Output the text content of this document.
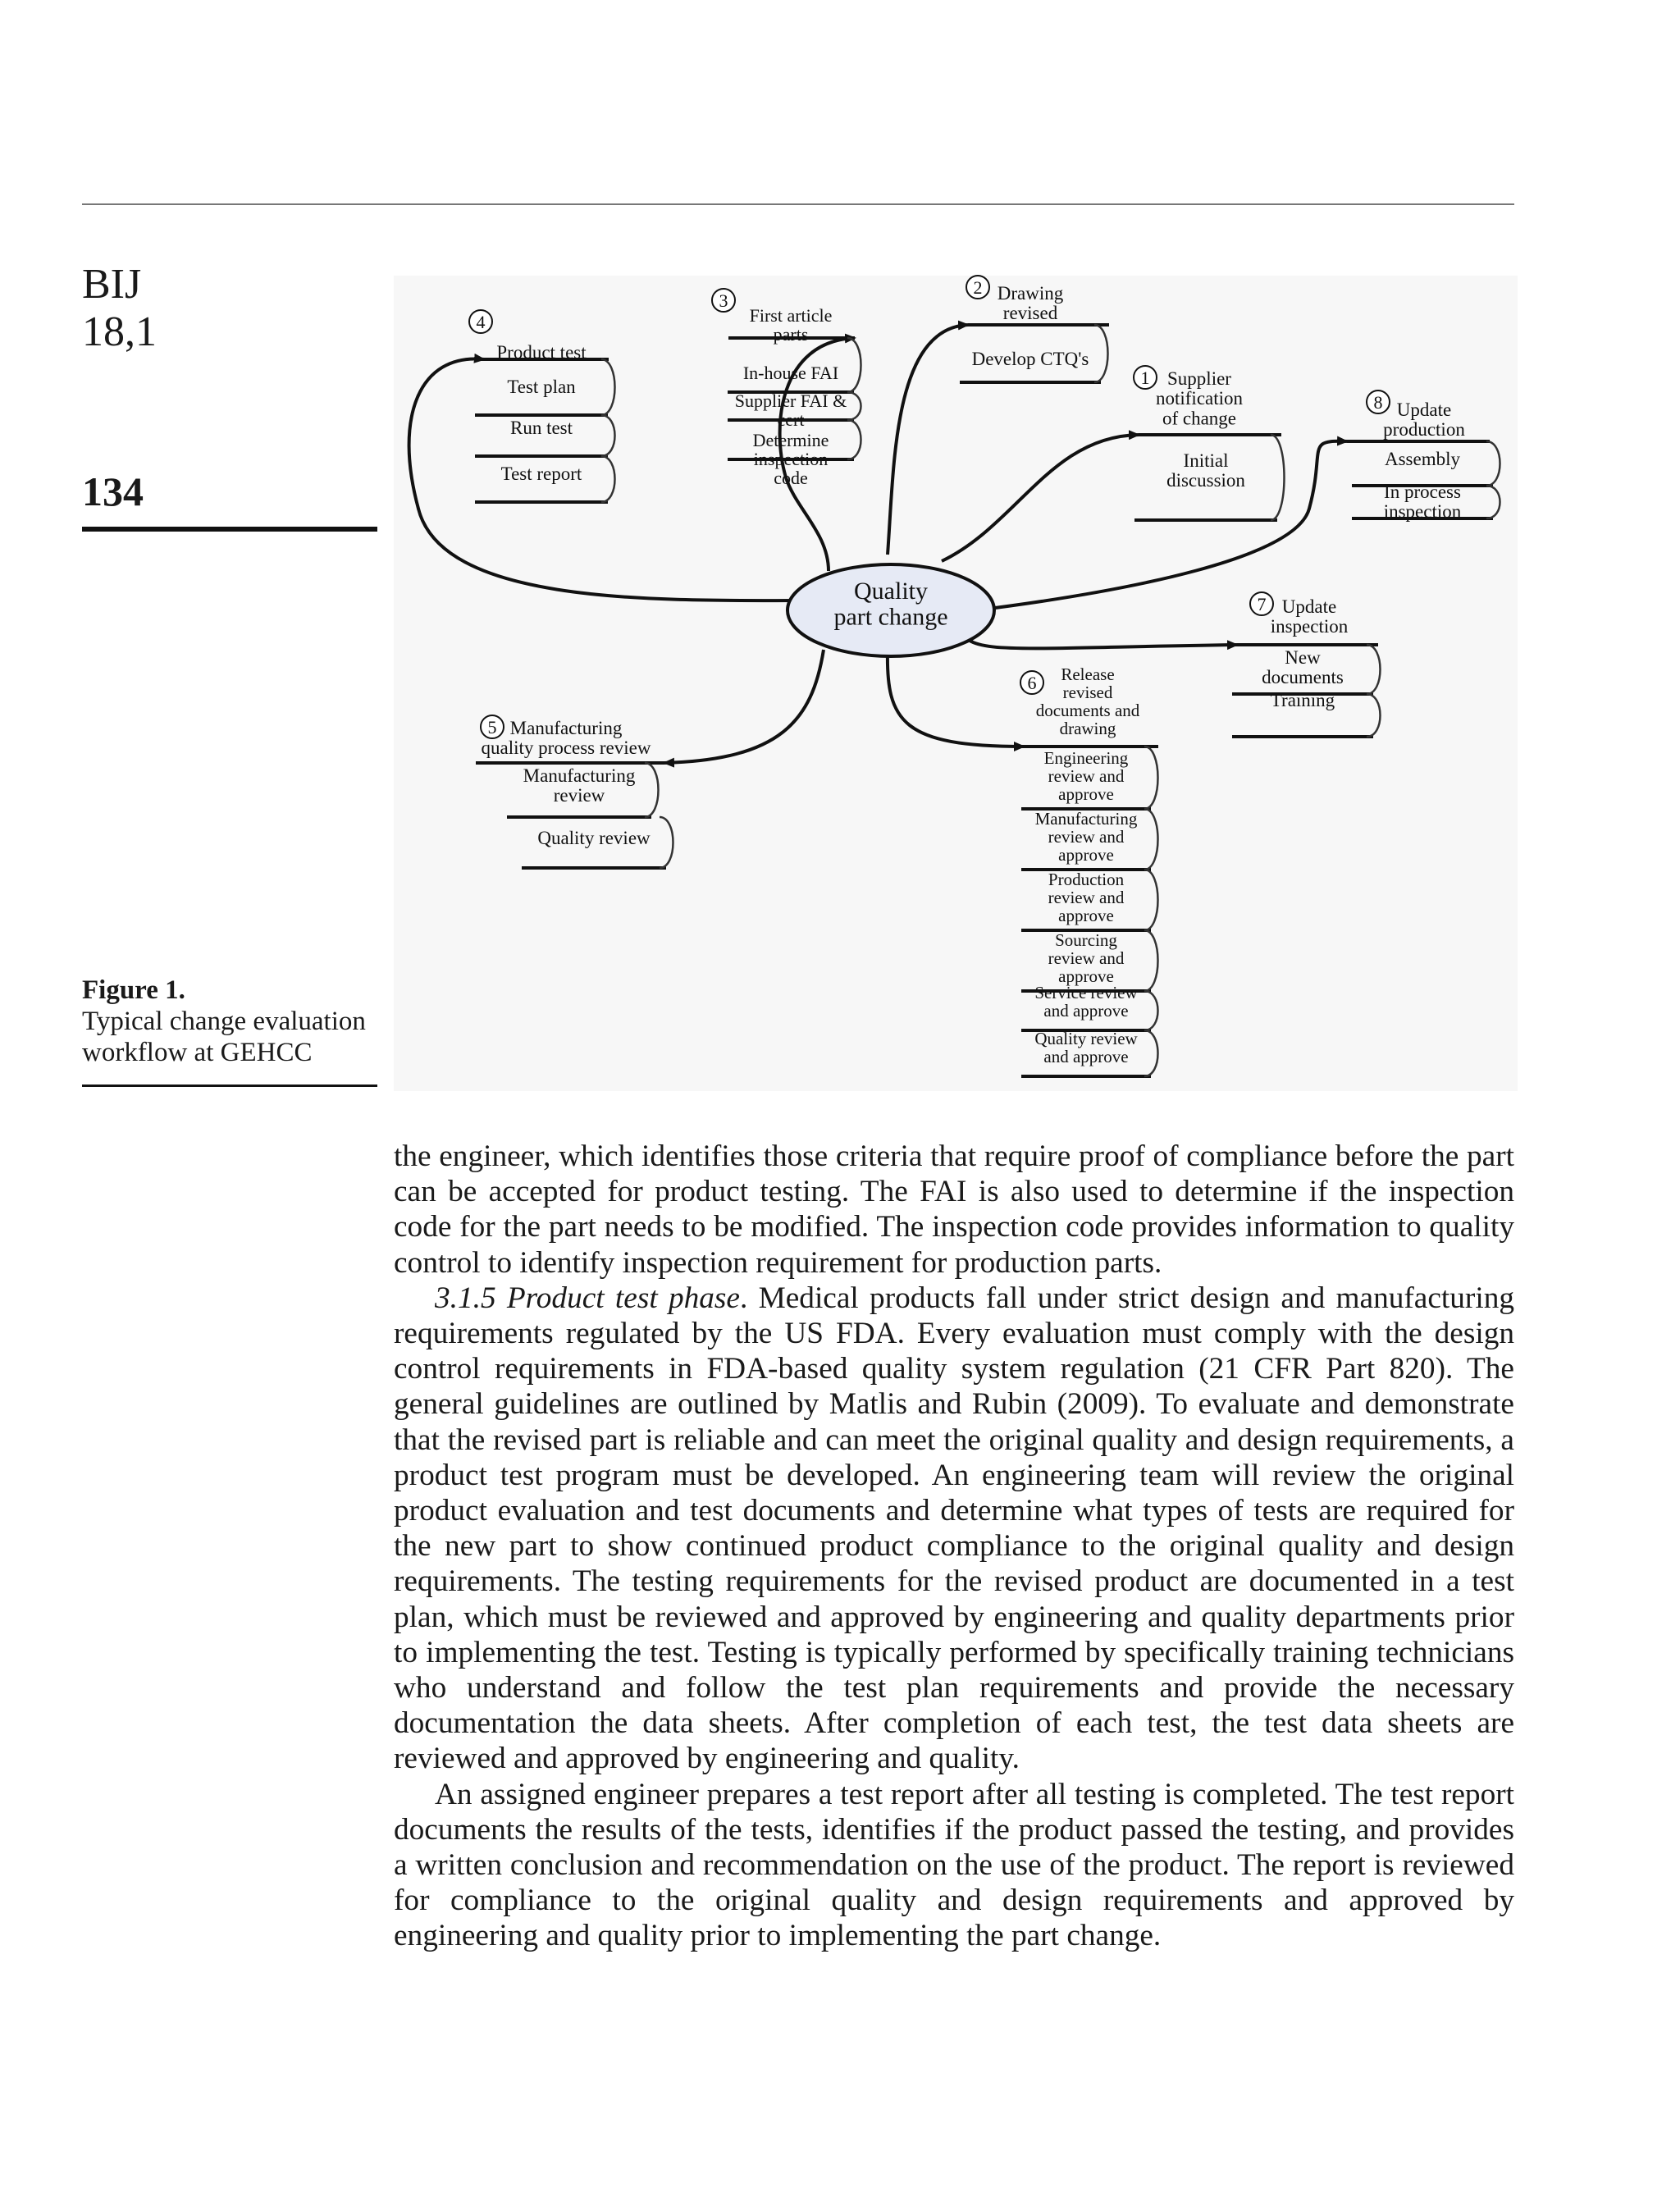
BIJ
18,1
134
Figure 1.
Typical change evaluation workflow at GEHCC
4
Product test
Test plan
Run test
Test report
3
First article
parts
In-house FAI
Supplier FAI &
cert
Determine
inspection
code
2 Drawing
revised
Develop CTQ's
1 Supplier
notification
of change
Initial
discussion
8 Update
production
Assembly
In process
inspection
7 Update
inspection
New
documents
Training
6 Release
revised
documents and
drawing
Engineering
review and
approve
Manufacturing
review and
approve
Production
review and
approve
Sourcing
review and
approve
Service review
and approve
Quality review
and approve
5 Manufacturing
quality process review
Manufacturing
review
Quality review
Quality
part change

the engineer, which identifies those criteria that require proof of compliance before the part can be accepted for product testing. The FAI is also used to determine if the inspection code for the part needs to be modified. The inspection code provides information to quality control to identify inspection requirement for production parts.

3.1.5 Product test phase. Medical products fall under strict design and manufacturing requirements regulated by the US FDA. Every evaluation must comply with the design control requirements in FDA-based quality system regulation (21 CFR Part 820). The general guidelines are outlined by Matlis and Rubin (2009). To evaluate and demonstrate that the revised part is reliable and can meet the original quality and design requirements, a product test program must be developed. An engineering team will review the original product evaluation and test documents and determine what types of tests are required for the new part to show continued product compliance to the original quality and design requirements. The testing requirements for the revised product are documented in a test plan, which must be reviewed and approved by engineering and quality departments prior to implementing the test. Testing is typically performed by specifically training technicians who understand and follow the test plan requirements and provide the necessary documentation the data sheets. After completion of each test, the test data sheets are reviewed and approved by engineering and quality.

An assigned engineer prepares a test report after all testing is completed. The test report documents the results of the tests, identifies if the product passed the testing, and provides a written conclusion and recommendation on the use of the product. The report is reviewed for compliance to the original quality and design requirements and approved by engineering and quality prior to implementing the part change.
